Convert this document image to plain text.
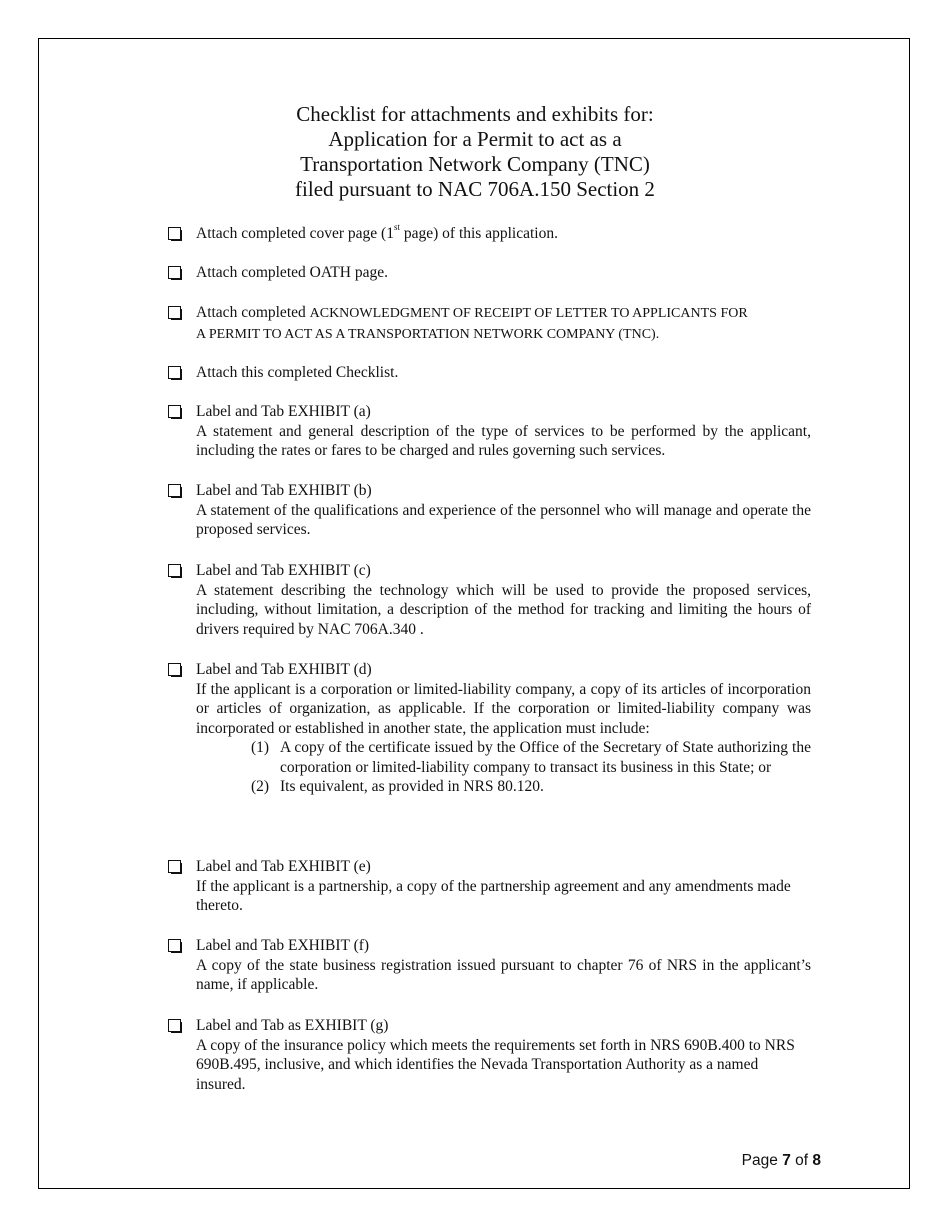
Checklist for attachments and exhibits for:
Application for a Permit to act as a
Transportation Network Company (TNC)
filed pursuant to NAC 706A.150 Section 2
Attach completed cover page (1st page) of this application.
Attach completed OATH page.
Attach completed ACKNOWLEDGMENT OF RECEIPT OF LETTER TO APPLICANTS FOR
A PERMIT TO ACT AS A TRANSPORTATION NETWORK COMPANY (TNC).
Attach this completed Checklist.
Label and Tab EXHIBIT (a)
A statement and general description of the type of services to be performed by the applicant, including the rates or fares to be charged and rules governing such services.
Label and Tab EXHIBIT (b)
A statement of the qualifications and experience of the personnel who will manage and operate the proposed services.
Label and Tab EXHIBIT (c)
A statement describing the technology which will be used to provide the proposed services, including, without limitation, a description of the method for tracking and limiting the hours of drivers required by NAC 706A.340 .
Label and Tab EXHIBIT (d)
If the applicant is a corporation or limited-liability company, a copy of its articles of incorporation or articles of organization, as applicable. If the corporation or limited-liability company was incorporated or established in another state, the application must include:
(1) A copy of the certificate issued by the Office of the Secretary of State authorizing the corporation or limited-liability company to transact its business in this State; or
(2) Its equivalent, as provided in NRS 80.120.
Label and Tab EXHIBIT (e)
If the applicant is a partnership, a copy of the partnership agreement and any amendments made thereto.
Label and Tab EXHIBIT (f)
A copy of the state business registration issued pursuant to chapter 76 of NRS in the applicant’s name, if applicable.
Label and Tab as EXHIBIT (g)
A copy of the insurance policy which meets the requirements set forth in NRS 690B.400 to NRS 690B.495, inclusive, and which identifies the Nevada Transportation Authority as a named insured.
Page 7 of 8
